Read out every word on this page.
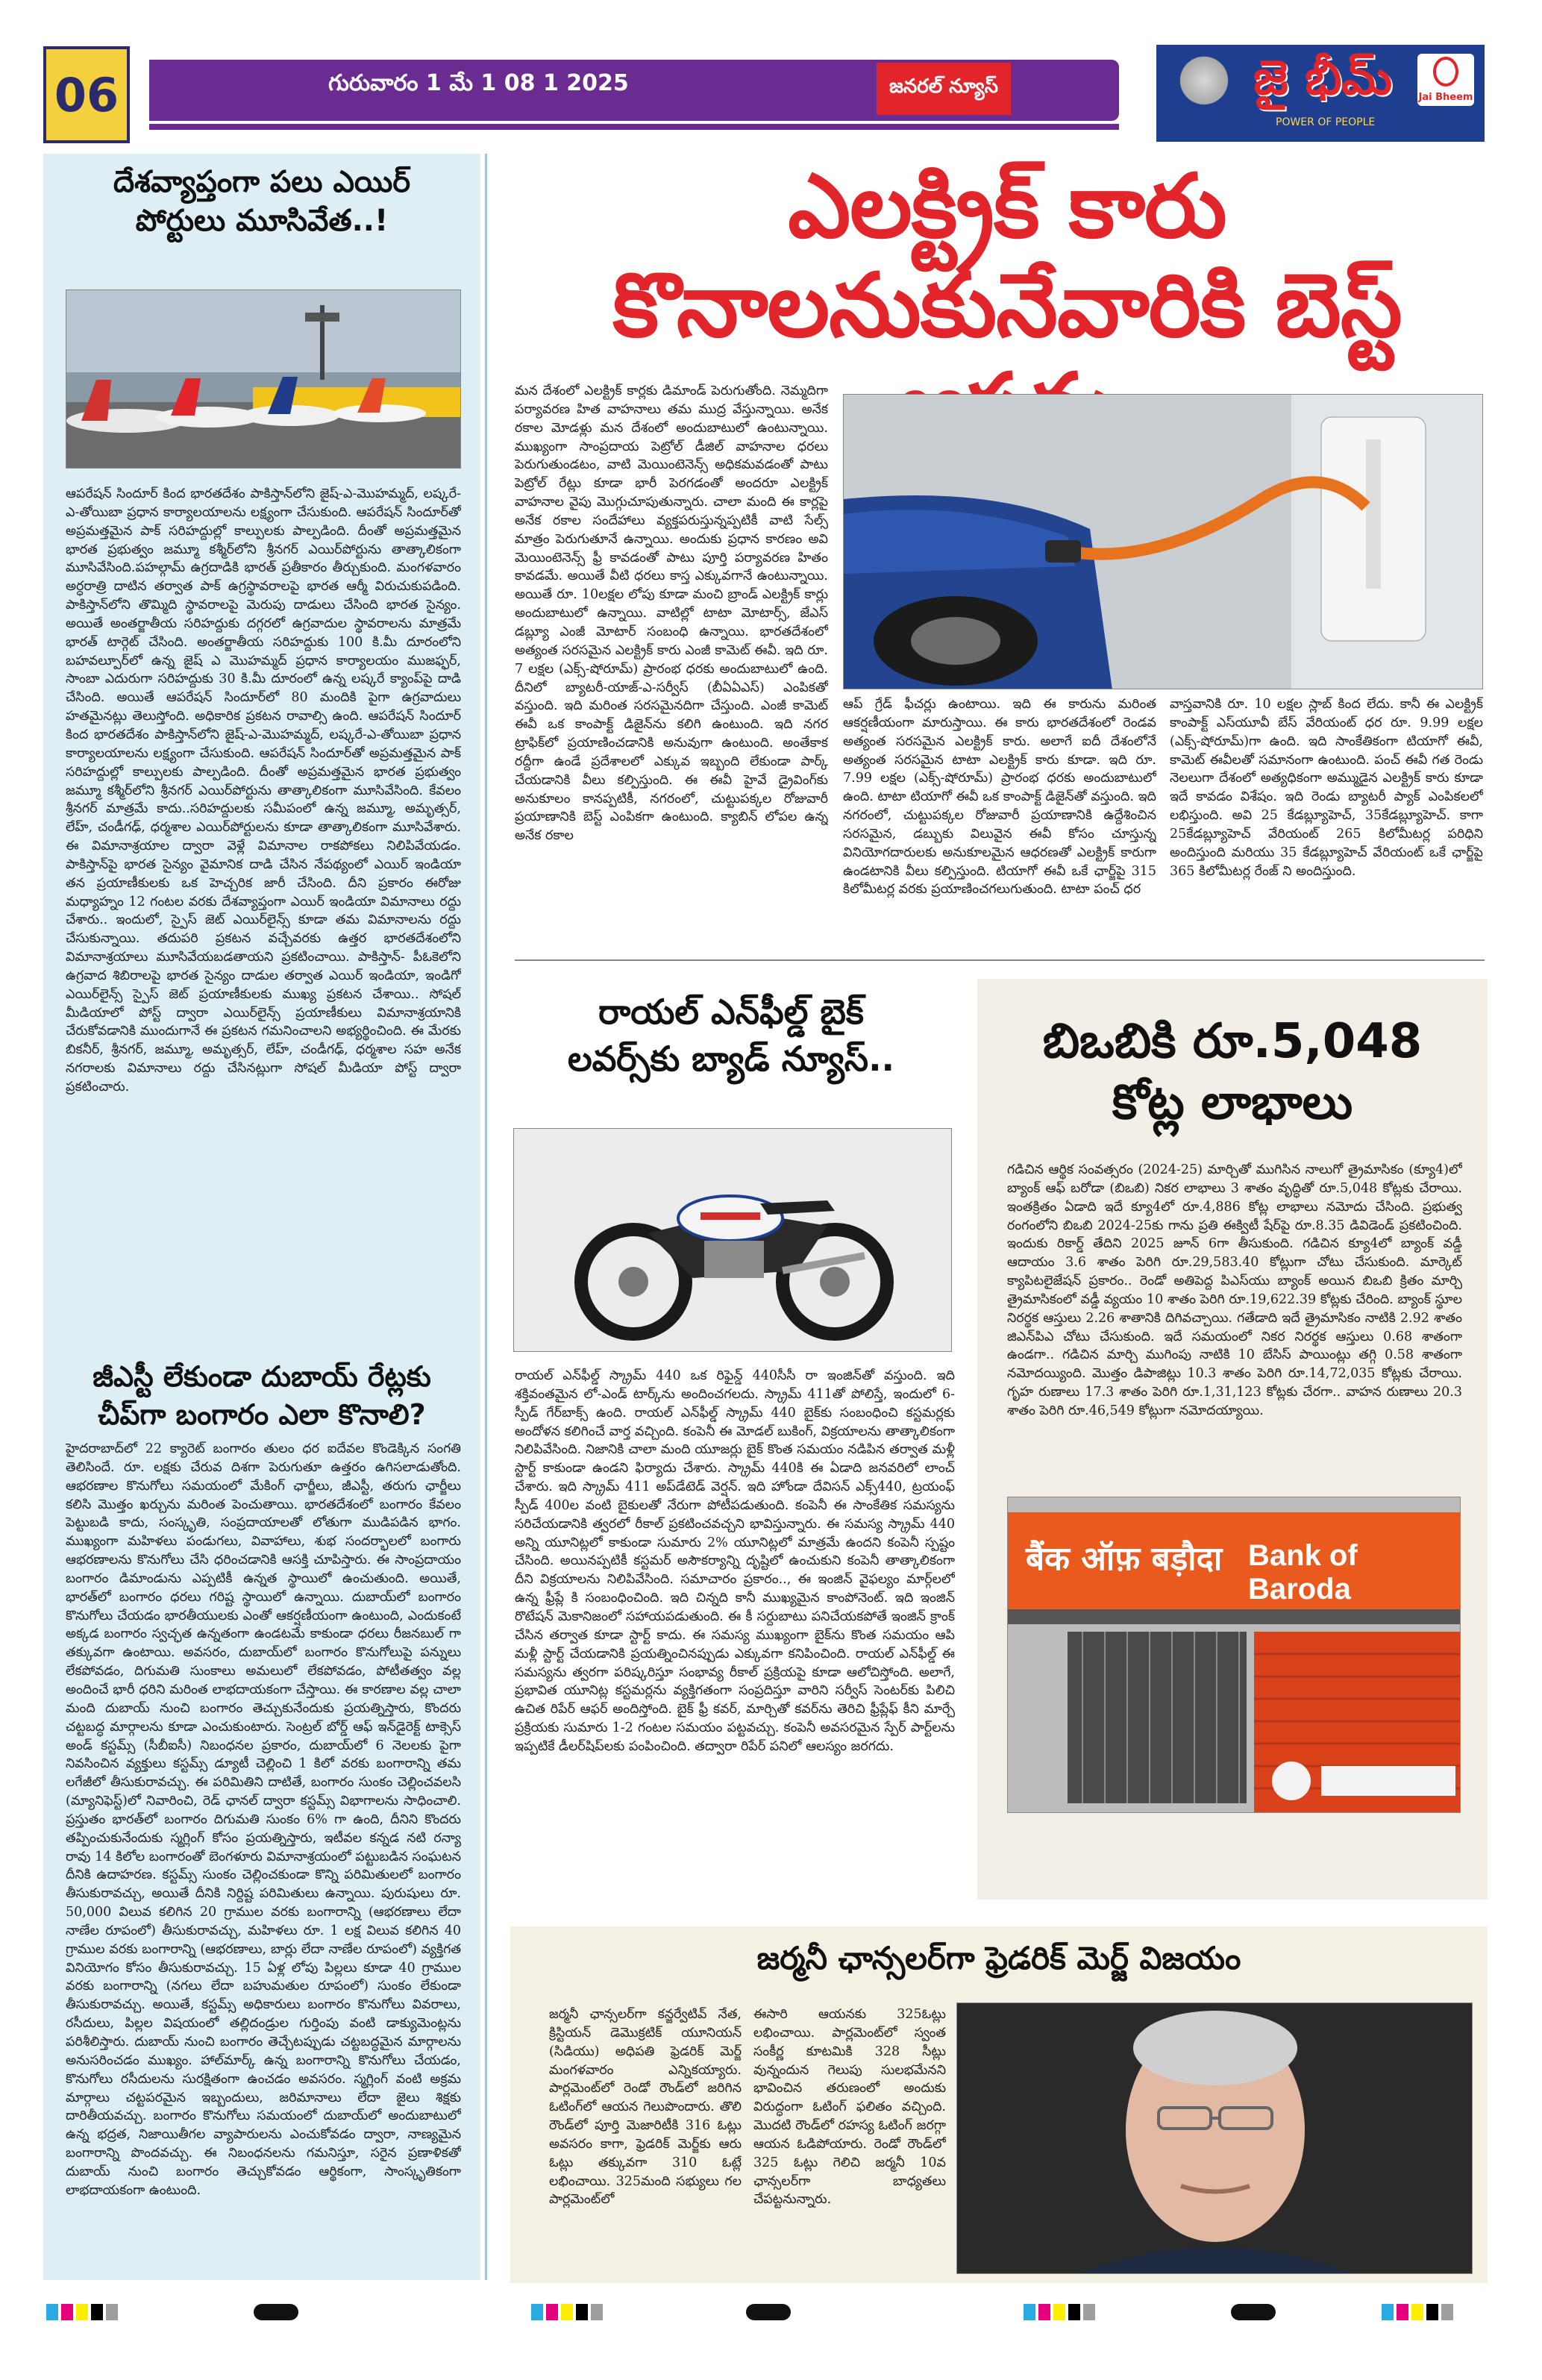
06	గురువారం 1 మే 1 08 1 2025	జనరల్ న్యూస్	జై భీమ్
POWER OF PEOPLE
Jai Bheem
దేశవ్యాప్తంగా పలు ఎయిర్
పోర్టులు మూసివేత..!
ఆపరేషన్ సిందూర్ కింద భారతదేశం పాకిస్తాన్‌లోని జైష్-ఎ-మొహమ్మద్, లష్కరే-ఎ-తోయిబా ప్రధాన కార్యాలయాలను లక్ష్యంగా చేసుకుంది. ఆపరేషన్ సిందూర్‌తో అప్రమత్తమైన పాక్ సరిహద్దుల్లో కాల్పులకు పాల్పడింది. దీంతో అప్రమత్తమైన భారత ప్రభుత్వం జమ్మూ కశ్మీర్‌లోని శ్రీనగర్ ఎయిర్‌పోర్టును తాత్కాలికంగా మూసివేసింది.పహల్గామ్ ఉగ్రదాడికి భారత్ ప్రతీకారం తీర్చుకుంది. మంగళవారం అర్ధరాత్రి దాటిన తర్వాత పాక్ ఉగ్రస్థావరాలపై భారత ఆర్మీ విరుచుకుపడింది. పాకిస్తాన్‌లోని తొమ్మిది స్థావరాలపై మెరుపు దాడులు చేసింది భారత సైన్యం. అయితే అంతర్జాతీయ సరిహద్దుకు దగ్గరలో ఉగ్రవాదుల స్థావరాలను మాత్రమే భారత్ టార్గెట్ చేసింది. అంతర్జాతీయ సరిహద్దుకు 100 కి.మీ దూరంలోని బహవల్పూర్‌లో ఉన్న జైష్ ఎ మొహమ్మద్ ప్రధాన కార్యాలయం ముజఫ్ఫర్, సాంబా ఎదురుగా సరిహద్దుకు 30 కి.మీ దూరంలో ఉన్న లష్కరే క్యాంప్‌పై దాడి చేసింది. అయితే ఆపరేషన్ సిందూర్‌లో 80 మందికి పైగా ఉగ్రవాదులు హతమైనట్లు తెలుస్తోంది. అధికారిక ప్రకటన రావాల్సి ఉంది. ఆపరేషన్ సిందూర్ కింద భారతదేశం పాకిస్తాన్‌లోని జైష్-ఎ-మొహమ్మద్, లష్కరే-ఎ-తోయిబా ప్రధాన కార్యాలయాలను లక్ష్యంగా చేసుకుంది. ఆపరేషన్ సిందూర్‌తో అప్రమత్తమైన పాక్ సరిహద్దుల్లో కాల్పులకు పాల్పడింది. దీంతో అప్రమత్తమైన భారత ప్రభుత్వం జమ్మూ కశ్మీర్‌లోని శ్రీనగర్ ఎయిర్‌పోర్టును తాత్కాలికంగా మూసివేసింది. కేవలం శ్రీనగర్ మాత్రమే కాదు..సరిహద్దులకు సమీపంలో ఉన్న జమ్మూ, అమృత్సర్, లేహ్, చండీగఢ్, ధర్మశాల ఎయిర్‌పోర్టులను కూడా తాత్కాలికంగా మూసివేశారు. ఈ విమానాశ్రయాల ద్వారా వెళ్లే విమానాల రాకపోకలు నిలిపివేయడం. పాకిస్తాన్‌పై భారత సైన్యం వైమానిక దాడి చేసిన నేపథ్యంలో ఎయిర్ ఇండియా తన ప్రయాణీకులకు ఒక హెచ్చరిక జారీ చేసింది. దీని ప్రకారం ఈరోజు మధ్యాహ్నం 12 గంటల వరకు దేశవ్యాప్తంగా ఎయిర్ ఇండియా విమానాలు రద్దు చేశారు.. ఇందులో, స్పైస్ జెట్ ఎయిర్‌లైన్స్ కూడా తమ విమానాలను రద్దు చేసుకున్నాయి. తదుపరి ప్రకటన వచ్చేవరకు ఉత్తర భారతదేశంలోని విమానాశ్రయాలు మూసివేయబడతాయని ప్రకటించాయి. పాకిస్తాన్- పీఓకెలోని ఉగ్రవాద శిబిరాలపై భారత సైన్యం దాడుల తర్వాత ఎయిర్ ఇండియా, ఇండిగో ఎయిర్‌లైన్స్ స్పైస్ జెట్ ప్రయాణీకులకు ముఖ్య ప్రకటన చేశాయి.. సోషల్ మీడియాలో పోస్ట్ ద్వారా ఎయిర్‌లైన్స్ ప్రయాణీకులు విమానాశ్రయానికి చేరుకోవడానికి ముందుగానే ఈ ప్రకటన గమనించాలని అభ్యర్థించింది. ఈ మేరకు బికనీర్, శ్రీనగర్, జమ్మూ, అమృత్సర్, లేహ్, చండీగఢ్, ధర్మశాల సహ అనేక నగరాలకు విమానాలు రద్దు చేసినట్లుగా సోషల్ మీడియా పోస్ట్ ద్వారా ప్రకటించారు.
జీఎస్టీ లేకుండా దుబాయ్ రేట్లకు
చీప్‌గా బంగారం ఎలా కొనాలి?
హైదరాబాద్‌లో 22 క్యారెట్ బంగారం తులం ధర ఐదేవల కొండెక్కిన సంగతి తెలిసిందే. రూ. లక్షకు చేరువ దిశగా పెరుగుతూ ఉత్తరం ఉగిసలాడుతోంది. ఆభరణాల కొనుగోలు సమయంలో మేకింగ్ ఛార్జీలు, జీఎస్టీ, తరుగు ఛార్జీలు కలిసి మొత్తం ఖర్చును మరింత పెంచుతాయి. భారతదేశంలో బంగారం కేవలం పెట్టుబడి కాదు, సంస్కృతి, సంప్రదాయాలతో లోతుగా ముడిపడిన భాగం. ముఖ్యంగా మహిళలు పండుగలు, వివాహాలు, శుభ సందర్భాలలో బంగారు ఆభరణాలను కొనుగోలు చేసి ధరించడానికి ఆసక్తి చూపిస్తారు. ఈ సాంప్రదాయం బంగారం డిమాండును ఎప్పటికీ ఉన్నత స్థాయిలో ఉంచుతుంది. అయితే, భారత్‌లో బంగారం ధరలు గరిష్ట స్థాయిలో ఉన్నాయి. దుబాయ్‌లో బంగారం కొనుగోలు చేయడం భారతీయులకు ఎంతో ఆకర్షణీయంగా ఉంటుంది, ఎందుకంటే అక్కడ బంగారం స్వచ్ఛత ఉన్నతంగా ఉండటమే కాకుండా ధరలు రీజనబుల్ గా తక్కువగా ఉంటాయి. అవసరం, దుబాయ్‌లో బంగారం కొనుగోలుపై పన్నులు లేకపోవడం, దిగుమతి సుంకాలు అమలులో లేకపోవడం, పోటీతత్వం వల్ల అందించే భారీ ధరిని మరింత లాభదాయకంగా చేస్తాయి. ఈ కారణాల వల్ల చాలా మంది దుబాయ్ నుంచి బంగారం తెచ్చుకునేందుకు ప్రయత్నిస్తారు, కొందరు చట్టబద్ధ మార్గాలను కూడా ఎంచుకుంటారు. సెంట్రల్ బోర్డ్ ఆఫ్ ఇన్‌డైరెక్ట్ టాక్సెస్ అండ్ కస్టమ్స్ (సీబీఐసీ) నిబంధనల ప్రకారం, దుబాయ్‌లో 6 నెలలకు పైగా నివసించిన వ్యక్తులు కస్టమ్స్ డ్యూటీ చెల్లించి 1 కిలో వరకు బంగారాన్ని తమ లగేజీలో తీసుకురావచ్చు. ఈ పరిమితిని దాటితే, బంగారం సుంకం చెల్లించవలసి (మ్యానిఫెస్ట్)లో నివారించి, రెడ్ ఛానల్ ద్వారా కస్టమ్స్ విభాగాలను సాధించాలి. ప్రస్తుతం భారత్‌లో బంగారం దిగుమతి సుంకం 6% గా ఉంది, దీనిని కొందరు తప్పించుకునేందుకు స్మగ్లింగ్ కోసం ప్రయత్నిస్తారు, ఇటీవల కన్నడ నటి రన్యా రావు 14 కిలోల బంగారంతో బెంగళూరు విమానాశ్రయంలో పట్టుబడిన సంఘటన దీనికి ఉదాహరణ. కస్టమ్స్ సుంకం చెల్లించకుండా కొన్ని పరిమితులలో బంగారం తీసుకురావచ్చు, అయితే దీనికి నిర్దిష్ట పరిమితులు ఉన్నాయి. పురుషులు రూ. 50,000 విలువ కలిగిన 20 గ్రాముల వరకు బంగారాన్ని (ఆభరణాలు లేదా నాణేల రూపంలో) తీసుకురావచ్చు, మహిళలు రూ. 1 లక్ష విలువ కలిగిన 40 గ్రాముల వరకు బంగారాన్ని (ఆభరణాలు, బార్లు లేదా నాణేల రూపంలో) వ్యక్తిగత వినియోగం కోసం తీసుకురావచ్చు. 15 ఏళ్ల లోపు పిల్లలు కూడా 40 గ్రాముల వరకు బంగారాన్ని (నగలు లేదా బహుమతుల రూపంలో) సుంకం లేకుండా తీసుకురావచ్చు. అయితే, కస్టమ్స్ అధికారులు బంగారం కొనుగోలు వివరాలు, రసీదులు, పిల్లల విషయంలో తల్లిదండ్రుల గుర్తింపు వంటి డాక్యుమెంట్లను పరిశీలిస్తారు. దుబాయ్ నుంచి బంగారం తెచ్చేటప్పుడు చట్టబద్ధమైన మార్గాలను అనుసరించడం ముఖ్యం. హాల్‌మార్క్ ఉన్న బంగారాన్ని కొనుగోలు చేయడం, కొనుగోలు రసీదులను సురక్షితంగా ఉంచడం అవసరం. స్మగ్లింగ్ వంటి అక్రమ మార్గాలు చట్టపరమైన ఇబ్బందులు, జరిమానాలు లేదా జైలు శిక్షకు దారితీయవచ్చు. బంగారం కొనుగోలు సమయంలో దుబాయ్‌లో అందుబాటులో ఉన్న భద్రత, నిజాయితీగల వ్యాపారులను ఎంచుకోవడం ద్వారా, నాణ్యమైన బంగారాన్ని పొందవచ్చు. ఈ నిబంధనలను గమనిస్తూ, సరైన ప్రణాళికతో దుబాయ్ నుంచి బంగారం తెచ్చుకోవడం ఆర్థికంగా, సాంస్కృతికంగా లాభదాయకంగా ఉంటుంది.
ఎలక్ట్రిక్ కారు
కొనాలనుకునేవారికి బెస్ట్
మన దేశంలో ఎలక్ట్రిక్ కార్లకు డిమాండ్ పెరుగుతోంది. నెమ్మదిగా పర్యావరణ హిత వాహనాలు తమ ముద్ర వేస్తున్నాయి. అనేక రకాల మోడళ్లు మన దేశంలో అందుబాటులో ఉంటున్నాయి. ముఖ్యంగా సాంప్రదాయ పెట్రోల్ డీజిల్ వాహనాల ధరలు పెరుగుతుండటం, వాటి మెయింటెనెన్స్ అధికమవడంతో పాటు పెట్రోల్ రేట్లు కూడా భారీ పెరగడంతో అందరూ ఎలక్ట్రిక్ వాహనాల వైపు మొగ్గుచూపుతున్నారు. చాలా మంది ఈ కార్లపై అనేక రకాల సందేహాలు వ్యక్తపరుస్తున్నప్పటికీ వాటి సేల్స్ మాత్రం పెరుగుతూనే ఉన్నాయి. అందుకు ప్రధాన కారణం అవి మెయింటెనెన్స్ ఫ్రీ కావడంతో పాటు పూర్తి పర్యావరణ హితం కావడమే. అయితే వీటి ధరలు కాస్త ఎక్కువగానే ఉంటున్నాయి. అయితే రూ. 10లక్షల లోపు కూడా మంచి బ్రాండ్ ఎలక్ట్రిక్ కార్లు అందుబాటులో ఉన్నాయి. వాటిల్లో టాటా మోటార్స్, జేఎస్ డబ్ల్యూ ఎంజీ మోటార్ సంబంధి ఉన్నాయి. భారతదేశంలో అత్యంత సరసమైన ఎలక్ట్రిక్ కారు ఎంజీ కామెట్ ఈవీ. ఇది రూ. 7 లక్షల (ఎక్స్-షోరూమ్) ప్రారంభ ధరకు అందుబాటులో ఉంది. దీనిలో బ్యాటరీ-యాజ్-ఎ-సర్వీస్ (బీఏఏఎస్) ఎంపికతో వస్తుంది. ఇది మరింత సరసమైనదిగా చేస్తుంది. ఎంజీ కామెట్ ఈవీ ఒక కాంపాక్ట్ డిజైన్‌ను కలిగి ఉంటుంది. ఇది నగర ట్రాఫిక్‌లో ప్రయాణించడానికి అనువుగా ఉంటుంది. అంతేకాక రద్దీగా ఉండే ప్రదేశాలలో ఎక్కువ ఇబ్బంది లేకుండా పార్క్ చేయడానికి వీలు కల్పిస్తుంది. ఈ ఈవీ హైవే డ్రైవింగ్‌కు అనుకూలం కానప్పటికీ, నగరంలో, చుట్టుపక్కల రోజువారీ ప్రయాణానికి బెస్ట్ ఎంపికగా ఉంటుంది. క్యాబిన్ లోపల ఉన్న అనేక రకాల
ఆప్ గ్రేడ్ ఫీచర్లు ఉంటాయి. ఇది ఈ కారును మరింత ఆకర్షణీయంగా మారుస్తాయి. ఈ కారు భారతదేశంలో రెండవ అత్యంత సరసమైన ఎలక్ట్రిక్ కారు. అలాగే ఐదీ దేశంలోనే అత్యంత సరసమైన టాటా ఎలక్ట్రిక్ కారు కూడా. ఇది రూ. 7.99 లక్షల (ఎక్స్-షోరూమ్) ప్రారంభ ధరకు అందుబాటులో ఉంది. టాటా టియాగో ఈవీ ఒక కాంపాక్ట్ డిజైన్‌తో వస్తుంది. ఇది నగరంలో, చుట్టుపక్కల రోజువారీ ప్రయాణానికి ఉద్దేశించిన సరసమైన, డబ్బుకు విలువైన ఈవీ కోసం చూస్తున్న వినియోగదారులకు అనుకూలమైన ఆధరణతో ఎలక్ట్రిక్ కారుగా ఉండటానికి వీలు కల్పిస్తుంది. టియాగో ఈవీ ఒకే ఛార్జ్‌పై 315 కిలోమీటర్ల వరకు ప్రయాణించగలుగుతుంది. టాటా పంచ్ ధర
వాస్తవానికి రూ. 10 లక్షల స్లాబ్ కింద లేదు. కానీ ఈ ఎలక్ట్రిక్ కాంపాక్ట్ ఎస్‌యూవీ బేస్ వేరియంట్ ధర రూ. 9.99 లక్షల (ఎక్స్-షోరూమ్)గా ఉంది. ఇది సాంకేతికంగా టియాగో ఈవీ, కామెట్ ఈవీలతో సమానంగా ఉంటుంది. పంచ్ ఈవీ గత రెండు నెలలుగా దేశంలో అత్యధికంగా అమ్ముడైన ఎలక్ట్రిక్ కారు కూడా ఇదే కావడం విశేషం. ఇది రెండు బ్యాటరీ ప్యాక్ ఎంపికలలో లభిస్తుంది. అవి 25 కేడబ్ల్యూహెచ్, 35కేడబ్ల్యూహెచ్. కాగా 25కేడబ్ల్యూహెచ్ వేరియంట్ 265 కిలోమీటర్ల పరిధిని అందిస్తుంది మరియు 35 కేడబ్ల్యూహెచ్ వేరియంట్ ఒకే ఛార్జ్‌పై 365 కిలోమీటర్ల రేంజ్ ని అందిస్తుంది.
రాయల్ ఎన్‌ఫీల్డ్ బైక్
లవర్స్‌కు బ్యాడ్ న్యూస్..
రాయల్ ఎన్‌ఫీల్డ్ స్క్రామ్ 440 ఒక రిఫైన్డ్ 440సీసీ రా ఇంజిన్‌తో వస్తుంది. ఇది శక్తివంతమైన లో-ఎండ్ టార్క్‌ను అందించగలదు. స్క్రామ్ 411తో పోలిస్తే, ఇందులో 6-స్పీడ్ గేర్‌బాక్స్ ఉంది. రాయల్ ఎన్‌ఫీల్డ్ స్క్రామ్ 440 బైక్‌కు సంబంధించి కస్టమర్లకు అందోళన కలిగించే వార్త వచ్చింది. కంపెనీ ఈ మోడల్ బుకింగ్, విక్రయాలను తాత్కాలికంగా నిలిపివేసింది. నిజానికి చాలా మంది యూజర్లు బైక్ కొంత సమయం నడిపిన తర్వాత మళ్లీ స్టార్ట్ కాకుండా ఉండని ఫిర్యాదు చేశారు. స్క్రామ్ 440కి ఈ ఏడాది జనవరిలో లాంచ్ చేశారు. ఇది స్క్రామ్ 411 అప్‌డేటెడ్ వెర్షన్. ఇది హోండా దేవిసన్ ఎక్స్440, ట్రయంఫ్ స్పీడ్ 400ల వంటి బైకులతో నేరుగా పోటీపడుతుంది. కంపెనీ ఈ సాంకేతిక సమస్యను సరిచేయడానికి త్వరలో రీకాల్ ప్రకటించవచ్చని భావిస్తున్నారు. ఈ సమస్య స్క్రామ్ 440 అన్ని యూనిట్లలో కాకుండా సుమారు 2% యూనిట్లలో మాత్రమే ఉందని కంపెనీ స్పష్టం చేసింది. అయినప్పటికీ కస్టమర్ అసౌకర్యాన్ని దృష్టిలో ఉంచుకుని కంపెనీ తాత్కాలికంగా దీని విక్రయాలను నిలిపివేసింది. సమాచారం ప్రకారం.., ఈ ఇంజిన్ వైఫల్యం మార్గ్‌లలో ఉన్న ఫ్రీప్లే కి సంబంధించింది. ఇది చిన్నది కానీ ముఖ్యమైన కాంపోనెంట్. ఇది ఇంజిన్ రొటేషన్ మెకానిజంలో సహాయపడుతుంది. ఈ కీ సర్దుబాటు పనిచేయకపోతే ఇంజిన్ క్రాంక్ చేసిన తర్వాత కూడా స్టార్ట్ కాదు. ఈ సమస్య ముఖ్యంగా బైక్‌ను కొంత సమయం ఆపి మళ్లీ స్టార్ట్ చేయడానికి ప్రయత్నించినప్పుడు ఎక్కువగా కనిపించింది. రాయల్ ఎన్‌ఫీల్డ్ ఈ సమస్యను త్వరగా పరిష్కరిస్తూ సంభావ్య రీకాల్ ప్రక్రియపై కూడా ఆలోచిస్తోంది. అలాగే, ప్రభావిత యూనిట్ల కస్టమర్లను వ్యక్తిగతంగా సంప్రదిస్తూ వారిని సర్వీస్ సెంటర్‌కు పిలిచి ఉచిత రిపేర్ ఆఫర్ అందిస్తోంది. బైక్ ఫ్రీ కవర్, మార్చితో కవర్‌ను తెరిచి ఫ్రీప్లేఫ్ కీని మార్చే ప్రక్రియకు సుమారు 1-2 గంటల సమయం పట్టవచ్చు. కంపెనీ అవసరమైన స్పేర్ పార్ట్‌లను ఇప్పటికే డీలర్‌షిప్‌లకు పంపించింది. తద్వారా రిపేర్ పనిలో ఆలస్యం జరగదు.
బిఒబికి రూ.5,048
కోట్ల లాభాలు
గడిచిన ఆర్థిక సంవత్సరం (2024-25) మార్చితో ముగిసిన నాలుగో త్రైమాసికం (క్యూ4)లో బ్యాంక్ ఆఫ్ బరోడా (బిఒబి) నికర లాభాలు 3 శాతం వృద్ధితో రూ.5,048 కోట్లకు చేరాయి. ఇంతక్రితం ఏడాది ఇదే క్యూ4లో రూ.4,886 కోట్ల లాభాలు నమోదు చేసింది. ప్రభుత్వ రంగంలోని బిఒబి 2024-25కు గాను ప్రతి ఈక్విటీ షేర్‌పై రూ.8.35 డివిడెండ్ ప్రకటించింది. ఇందుకు రికార్డ్ తేదిని 2025 జూన్ 6గా తీసుకుంది. గడిచిన క్యూ4లో బ్యాంక్ వడ్డీ ఆదాయం 3.6 శాతం పెరిగి రూ.29,583.40 కోట్లుగా చోటు చేసుకుంది. మార్కెట్ క్యాపిటలైజేషన్ ప్రకారం.. రెండో అతిపెద్ద పిఎస్‌యు బ్యాంక్ అయిన బిఒబి క్రితం మార్చి త్రైమాసికంలో వడ్డీ వ్యయం 10 శాతం పెరిగి రూ.19,622.39 కోట్లకు చేరింది. బ్యాంక్ స్థూల నిరర్థక ఆస్తులు 2.26 శాతానికి దిగివచ్చాయి. గతేడాది ఇదే త్రైమాసికం నాటికి 2.92 శాతం జిఎన్‌పిఎ చోటు చేసుకుంది. ఇదే సమయంలో నికర నిరర్థక ఆస్తులు 0.68 శాతంగా ఉండగా.. గడిచిన మార్చి ముగింపు నాటికి 10 బేసిస్ పాయింట్లు తగ్గి 0.58 శాతంగా నమోదయ్యింది. మొత్తం డిపాజిట్లు 10.3 శాతం పెరిగి రూ.14,72,035 కోట్లకు చేరాయి. గృహ రుణాలు 17.3 శాతం పెరిగి రూ.1,31,123 కోట్లకు చేరగా.. వాహన రుణాలు 20.3 శాతం పెరిగి రూ.46,549 కోట్లుగా నమోదయ్యాయి.
बैंक ऑफ़ बड़ौदा Bank of Baroda
జర్మనీ ఛాన్సలర్‌గా ఫ్రెడరిక్ మెర్జ్ విజయం
జర్మనీ ఛాన్సలర్‌గా కన్జర్వేటివ్ నేత, క్రిస్టియన్ డెమొక్రటిక్ యూనియన్ (సిడియు) అధిపతి ఫ్రెడరిక్ మెర్జ్ మంగళవారం ఎన్నికయ్యారు. పార్లమెంట్‌లో రెండో రౌండ్‌లో జరిగిన ఓటింగ్‌లో ఆయన గెలుపొందారు. తొలి రౌండ్‌లో పూర్తి మెజారిటీకి 316 ఓట్లు అవసరం కాగా, ఫ్రెడరిక్ మెర్జ్‌కు ఆరు ఓట్లు తక్కువగా 310 ఓట్లే లభించాయి. 325మంది సభ్యులు గల పార్లమెంట్‌లో
ఈసారి ఆయనకు 325ఓట్లు లభించాయి. పార్లమెంట్‌లో స్వంత సంకీర్ణ కూటమికి 328 సీట్లు వున్నందున గెలుపు సులభమేనని భావించిన తరుణంలో అందుకు విరుద్ధంగా ఓటింగ్ ఫలితం వచ్చింది. మొదటి రౌండ్‌లో రహస్య ఓటింగ్ జరగ్గా ఆయన ఓడిపోయారు. రెండో రౌండ్‌లో 325 ఓట్లు గెలిచి జర్మనీ 10వ ఛాన్సలర్‌గా బాధ్యతలు చేపట్టనున్నారు.
